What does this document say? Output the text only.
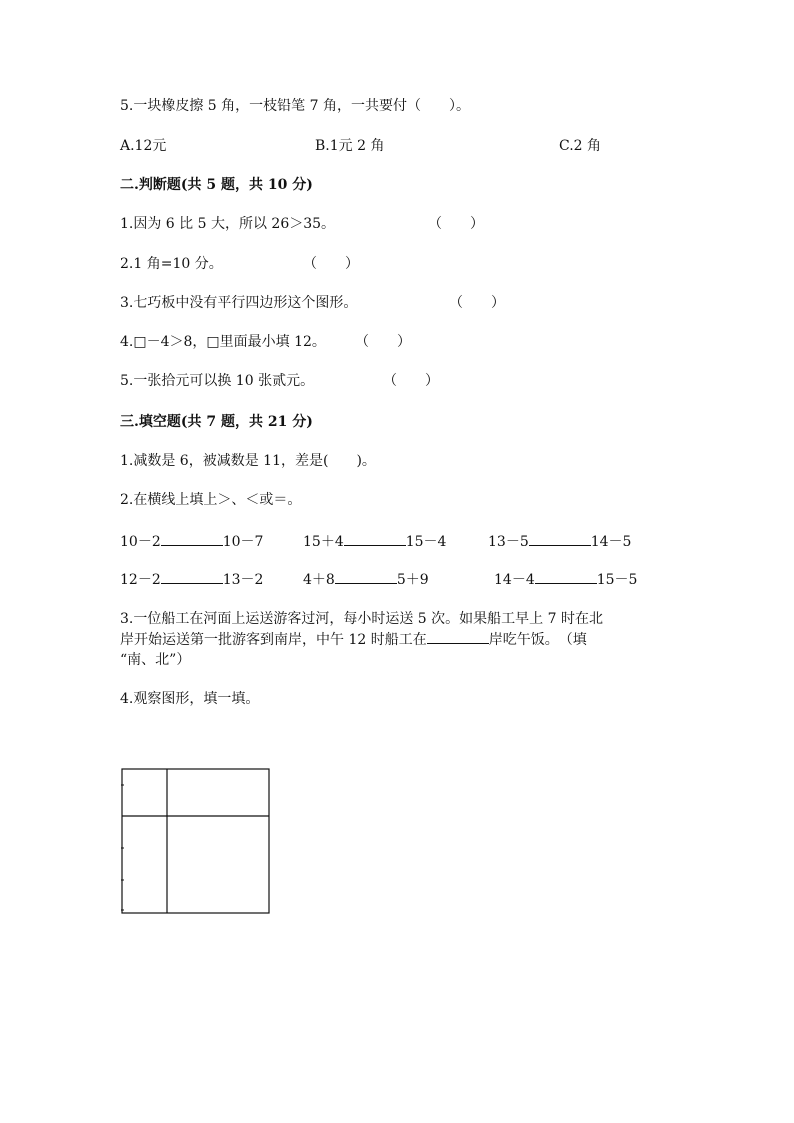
5.一块橡皮擦 5 角，一枝铅笔 7 角，一共要付（　　）。
A.12元	B.1元 2 角	C.2 角
二.判断题(共 5 题，共 10 分)
1.因为 6 比 5 大，所以 26＞35。	（　　）
2.1 角=10 分。	（　　）
3.七巧板中没有平行四边形这个图形。	（　　）
4.□－4＞8，□里面最小填 12。 （　　）
5.一张拾元可以换 10 张贰元。	（　　）
三.填空题(共 7 题，共 21 分)
1.减数是 6，被减数是 11，差是(　　)。
2.在横线上填上＞、＜或＝。
10－2	10－7	15＋4	15－4	13－5	14－5
12－2	13－2	4＋8	5＋9	14－4	15－5
3.一位船工在河面上运送游客过河，每小时运送 5 次。如果船工早上 7 时在北
岸开始运送第一批游客到南岸，中午 12 时船工在	岸吃午饭。　（填
“南、北”）
4.观察图形，填一填。
